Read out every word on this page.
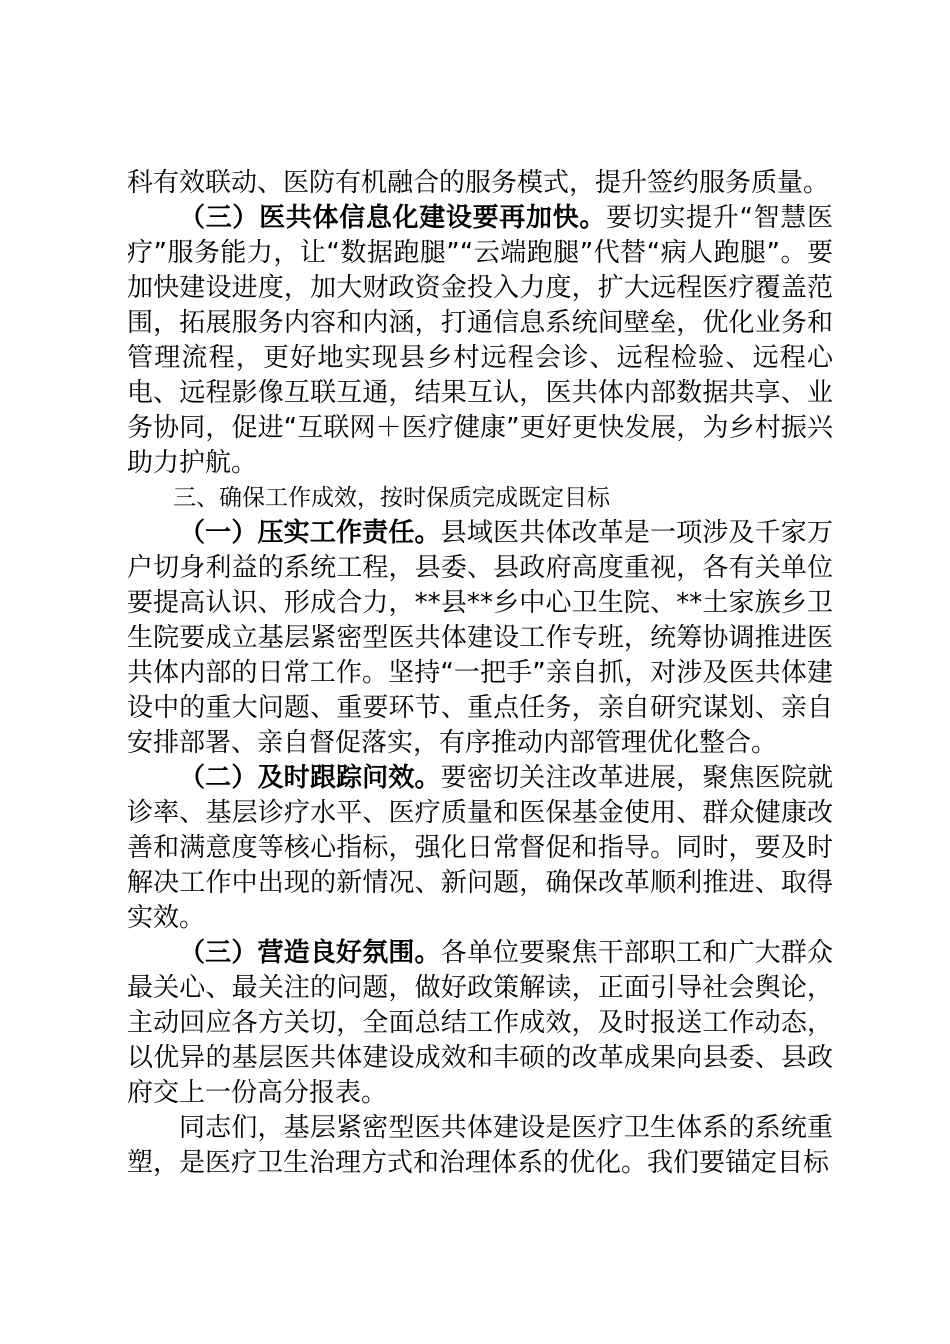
科有效联动、医防有机融合的服务模式，提升签约服务质量。

（三）医共体信息化建设要再加快。要切实提升“智慧医疗”服务能力，让“数据跑腿”“云端跑腿”代替“病人跑腿”。要加快建设进度，加大财政资金投入力度，扩大远程医疗覆盖范围，拓展服务内容和内涵，打通信息系统间壁垒，优化业务和管理流程，更好地实现县乡村远程会诊、远程检验、远程心电、远程影像互联互通，结果互认，医共体内部数据共享、业务协同，促进“互联网＋医疗健康”更好更快发展，为乡村振兴助力护航。

三、确保工作成效，按时保质完成既定目标

（一）压实工作责任。县域医共体改革是一项涉及千家万户切身利益的系统工程，县委、县政府高度重视，各有关单位要提高认识、形成合力，**县**乡中心卫生院、**土家族乡卫生院要成立基层紧密型医共体建设工作专班，统筹协调推进医共体内部的日常工作。坚持“一把手”亲自抓，对涉及医共体建设中的重大问题、重要环节、重点任务，亲自研究谋划、亲自安排部署、亲自督促落实，有序推动内部管理优化整合。

（二）及时跟踪问效。要密切关注改革进展，聚焦医院就诊率、基层诊疗水平、医疗质量和医保基金使用、群众健康改善和满意度等核心指标，强化日常督促和指导。同时，要及时解决工作中出现的新情况、新问题，确保改革顺利推进、取得实效。

（三）营造良好氛围。各单位要聚焦干部职工和广大群众最关心、最关注的问题，做好政策解读，正面引导社会舆论，主动回应各方关切，全面总结工作成效，及时报送工作动态，以优异的基层医共体建设成效和丰硕的改革成果向县委、县政府交上一份高分报表。

同志们，基层紧密型医共体建设是医疗卫生体系的系统重塑，是医疗卫生治理方式和治理体系的优化。我们要锚定目标
